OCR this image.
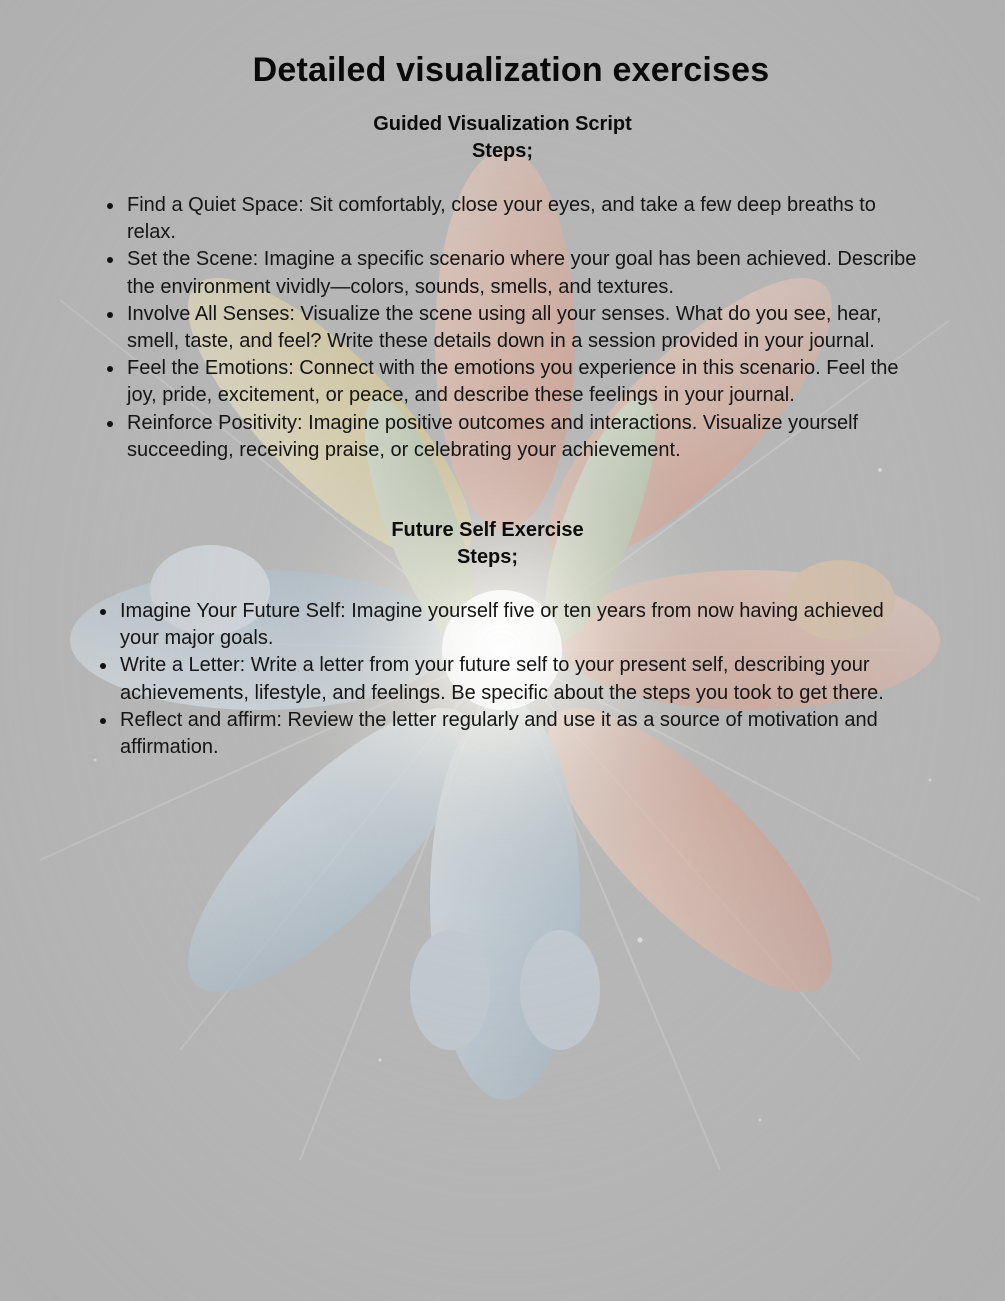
Detailed visualization exercises
Guided Visualization Script
Steps;
Find a Quiet Space: Sit comfortably, close your eyes, and take a few deep breaths to relax.
Set the Scene: Imagine a specific scenario where your goal has been achieved. Describe the environment vividly—colors, sounds, smells, and textures.
Involve All Senses: Visualize the scene using all your senses. What do you see, hear, smell, taste, and feel? Write these details down in a session provided in your journal.
Feel the Emotions: Connect with the emotions you experience in this scenario. Feel the joy, pride, excitement, or peace, and describe these feelings in your journal.
Reinforce Positivity: Imagine positive outcomes and interactions. Visualize yourself succeeding, receiving praise, or celebrating your achievement.
Future Self Exercise
Steps;
Imagine Your Future Self: Imagine yourself five or ten years from now having achieved your major goals.
Write a Letter: Write a letter from your future self to your present self, describing your achievements, lifestyle, and feelings. Be specific about the steps you took to get there.
Reflect and affirm: Review the letter regularly and use it as a source of motivation and affirmation.
